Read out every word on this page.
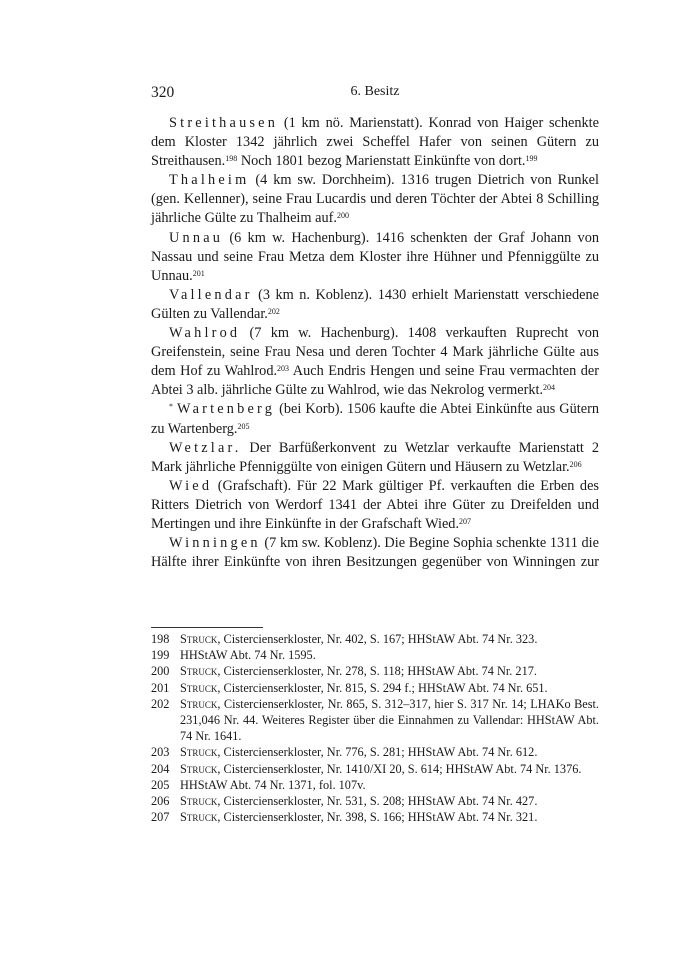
320	6. Besitz

Streithausen (1 km nö. Marienstatt). Konrad von Haiger schenkte dem Kloster 1342 jährlich zwei Scheffel Hafer von seinen Gütern zu Streithausen.$^{198}$ Noch 1801 bezog Marienstatt Einkünfte von dort.$^{199}$

Thalheim (4 km sw. Dorchheim). 1316 trugen Dietrich von Runkel (gen. Kellenner), seine Frau Lucardis und deren Töchter der Abtei 8 Schilling jährliche Gülte zu Thalheim auf.$^{200}$

Unnau (6 km w. Hachenburg). 1416 schenkten der Graf Johann von Nassau und seine Frau Metza dem Kloster ihre Hühner und Pfenniggülte zu Unnau.$^{201}$

Vallendar (3 km n. Koblenz). 1430 erhielt Marienstatt verschiedene Gülten zu Vallendar.$^{202}$

Wahlrod (7 km w. Hachenburg). 1408 verkauften Ruprecht von Greifenstein, seine Frau Nesa und deren Tochter 4 Mark jährliche Gülte aus dem Hof zu Wahlrod.$^{203}$ Auch Endris Hengen und seine Frau vermachten der Abtei 3 alb. jährliche Gülte zu Wahlrod, wie das Nekrolog vermerkt.$^{204}$

* Wartenberg (bei Korb). 1506 kaufte die Abtei Einkünfte aus Gütern zu Wartenberg.$^{205}$

Wetzlar. Der Barfüßerkonvent zu Wetzlar verkaufte Marienstatt 2 Mark jährliche Pfenniggülte von einigen Gütern und Häusern zu Wetzlar.$^{206}$

Wied (Grafschaft). Für 22 Mark gültiger Pf. verkauften die Erben des Ritters Dietrich von Werdorf 1341 der Abtei ihre Güter zu Dreifelden und Mertingen und ihre Einkünfte in der Grafschaft Wied.$^{207}$

Winningen (7 km sw. Koblenz). Die Begine Sophia schenkte 1311 die Hälfte ihrer Einkünfte von ihren Besitzungen gegenüber von Winningen zur

198 Struck, Cistercienserkloster, Nr. 402, S. 167; HHStAW Abt. 74 Nr. 323.
199 HHStAW Abt. 74 Nr. 1595.
200 Struck, Cistercienserkloster, Nr. 278, S. 118; HHStAW Abt. 74 Nr. 217.
201 Struck, Cistercienserkloster, Nr. 815, S. 294 f.; HHStAW Abt. 74 Nr. 651.
202 Struck, Cistercienserkloster, Nr. 865, S. 312–317, hier S. 317 Nr. 14; LHAKo Best. 231,046 Nr. 44. Weiteres Register über die Einnahmen zu Vallendar: HHStAW Abt. 74 Nr. 1641.
203 Struck, Cistercienserkloster, Nr. 776, S. 281; HHStAW Abt. 74 Nr. 612.
204 Struck, Cistercienserkloster, Nr. 1410/XI 20, S. 614; HHStAW Abt. 74 Nr. 1376.
205 HHStAW Abt. 74 Nr. 1371, fol. 107v.
206 Struck, Cistercienserkloster, Nr. 531, S. 208; HHStAW Abt. 74 Nr. 427.
207 Struck, Cistercienserkloster, Nr. 398, S. 166; HHStAW Abt. 74 Nr. 321.
